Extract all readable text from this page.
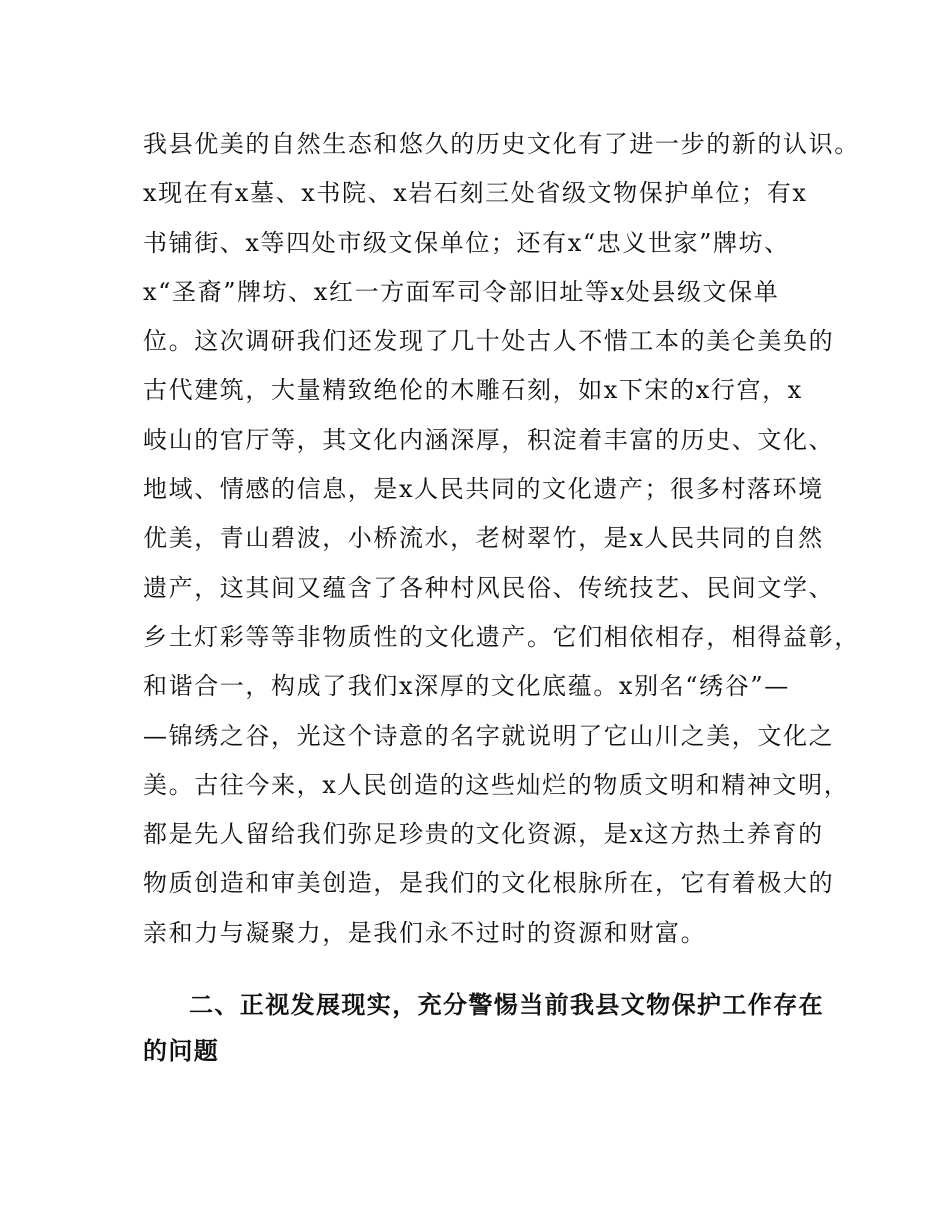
我县优美的自然生态和悠久的历史文化有了进一步的新的认识。
x现在有x墓、x书院、x岩石刻三处省级文物保护单位；有x
书铺街、x等四处市级文保单位；还有x“忠义世家”牌坊、
x“圣裔”牌坊、x红一方面军司令部旧址等x处县级文保单
位。这次调研我们还发现了几十处古人不惜工本的美仑美奂的
古代建筑，大量精致绝伦的木雕石刻，如x下宋的x行宫，x
岐山的官厅等，其文化内涵深厚，积淀着丰富的历史、文化、
地域、情感的信息，是x人民共同的文化遗产；很多村落环境
优美，青山碧波，小桥流水，老树翠竹，是x人民共同的自然
遗产，这其间又蕴含了各种村风民俗、传统技艺、民间文学、
乡土灯彩等等非物质性的文化遗产。它们相依相存，相得益彰，
和谐合一，构成了我们x深厚的文化底蕴。x别名“绣谷”—
—锦绣之谷，光这个诗意的名字就说明了它山川之美，文化之
美。古往今来，x人民创造的这些灿烂的物质文明和精神文明，
都是先人留给我们弥足珍贵的文化资源，是x这方热土养育的
物质创造和审美创造，是我们的文化根脉所在，它有着极大的
亲和力与凝聚力，是我们永不过时的资源和财富。
二、正视发展现实，充分警惕当前我县文物保护工作存在
的问题
